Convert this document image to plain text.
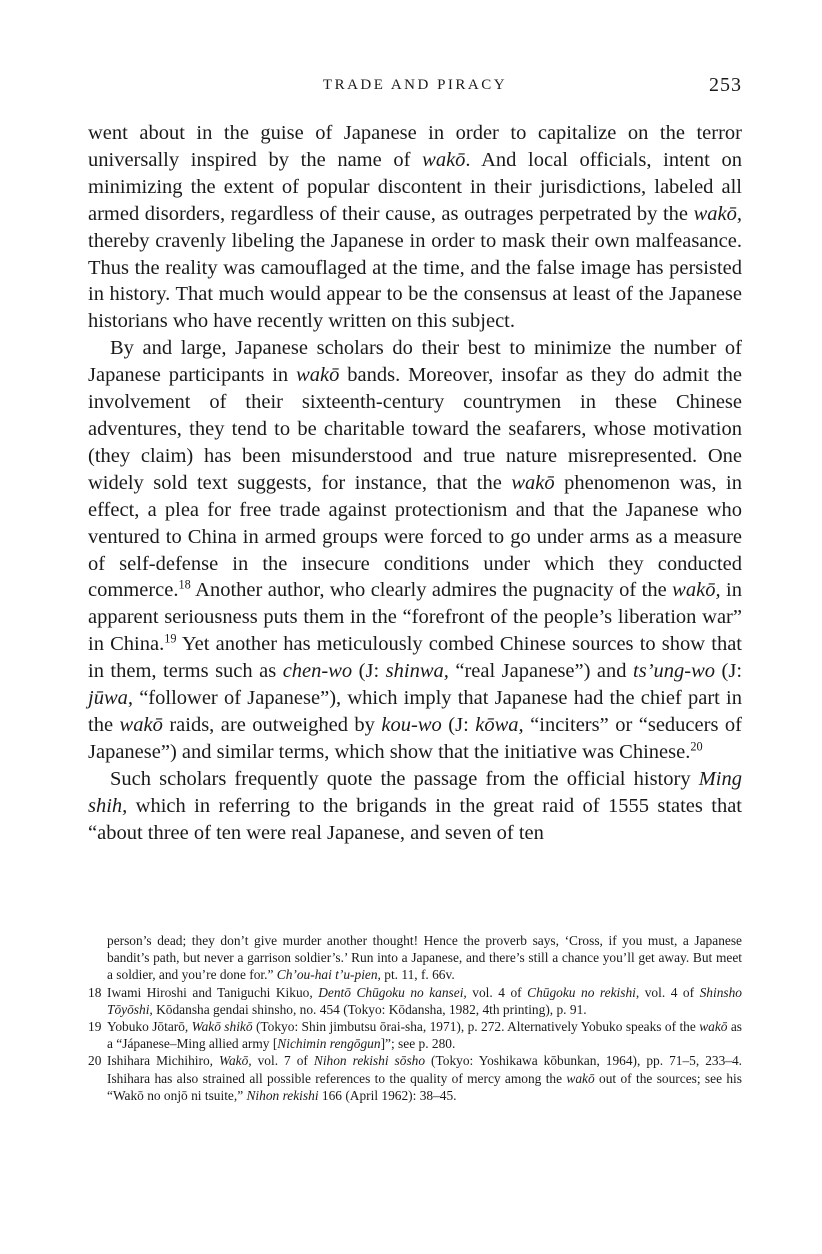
TRADE AND PIRACY	253

went about in the guise of Japanese in order to capitalize on the terror universally inspired by the name of wakō. And local officials, intent on minimizing the extent of popular discontent in their jurisdictions, labeled all armed disorders, regardless of their cause, as outrages perpetrated by the wakō, thereby cravenly libeling the Japanese in order to mask their own malfeasance. Thus the reality was camouflaged at the time, and the false image has persisted in history. That much would appear to be the consensus at least of the Japanese historians who have recently written on this subject.

By and large, Japanese scholars do their best to minimize the number of Japanese participants in wakō bands. Moreover, insofar as they do admit the involvement of their sixteenth-century countrymen in these Chinese adventures, they tend to be charitable toward the seafarers, whose motivation (they claim) has been misunderstood and true nature misrepresented. One widely sold text suggests, for instance, that the wakō phenomenon was, in effect, a plea for free trade against protectionism and that the Japanese who ventured to China in armed groups were forced to go under arms as a measure of self-defense in the insecure conditions under which they conducted commerce.$^{18}$ Another author, who clearly admires the pugnacity of the wakō, in apparent seriousness puts them in the “forefront of the people’s liberation war” in China.$^{19}$ Yet another has meticulously combed Chinese sources to show that in them, terms such as chen-wo (J: shinwa, “real Japanese”) and ts’ung-wo (J: jūwa, “follower of Japanese”), which imply that Japanese had the chief part in the wakō raids, are outweighed by kou-wo (J: kōwa, “inciters” or “seducers of Japanese”) and similar terms, which show that the initiative was Chinese.$^{20}$

Such scholars frequently quote the passage from the official history Ming shih, which in referring to the brigands in the great raid of 1555 states that “about three of ten were real Japanese, and seven of ten

person’s dead; they don’t give murder another thought! Hence the proverb says, ‘Cross, if you must, a Japanese bandit’s path, but never a garrison soldier’s.’ Run into a Japanese, and there’s still a chance you’ll get away. But meet a soldier, and you’re done for.” Ch’ou-hai t’u-pien, pt. 11, f. 66v.

18 Iwami Hiroshi and Taniguchi Kikuo, Dentō Chūgoku no kansei, vol. 4 of Chūgoku no rekishi, vol. 4 of Shinsho Tōyōshi, Kōdansha gendai shinsho, no. 454 (Tokyo: Kōdansha, 1982, 4th printing), p. 91.

19 Yobuko Jōtarō, Wakō shikō (Tokyo: Shin jimbutsu ōrai-sha, 1971), p. 272. Alternatively Yobuko speaks of the wakō as a “Jápanese–Ming allied army [Nichimin rengōgun]”; see p. 280.

20 Ishihara Michihiro, Wakō, vol. 7 of Nihon rekishi sōsho (Tokyo: Yoshikawa kōbunkan, 1964), pp. 71–5, 233–4. Ishihara has also strained all possible references to the quality of mercy among the wakō out of the sources; see his “Wakō no onjō ni tsuite,” Nihon rekishi 166 (April 1962): 38–45.
